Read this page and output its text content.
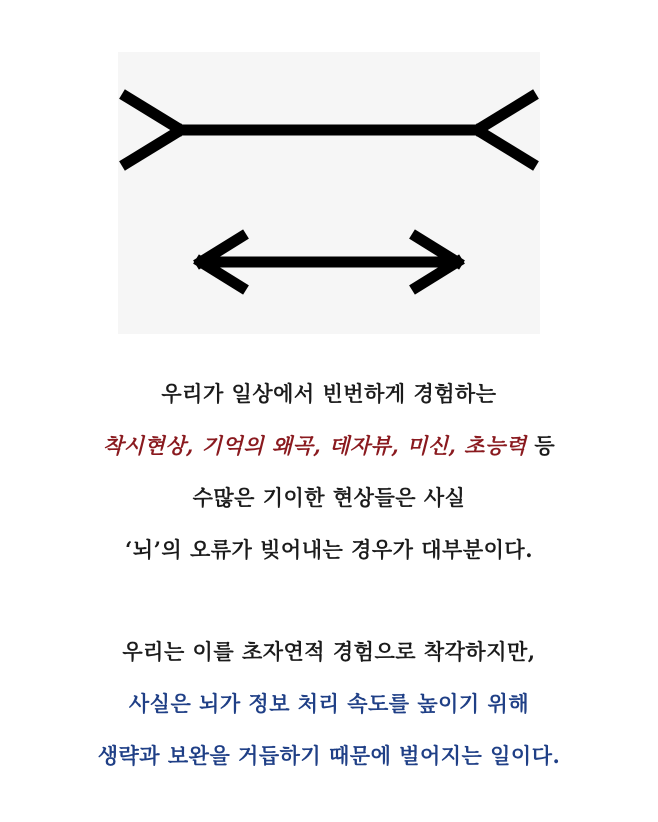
우리가 일상에서 빈번하게 경험하는
착시현상, 기억의 왜곡, 데자뷰, 미신, 초능력 등
수많은 기이한 현상들은 사실
‘뇌’의 오류가 빚어내는 경우가 대부분이다.
우리는 이를 초자연적 경험으로 착각하지만,
사실은 뇌가 정보 처리 속도를 높이기 위해
생략과 보완을 거듭하기 때문에 벌어지는 일이다.
